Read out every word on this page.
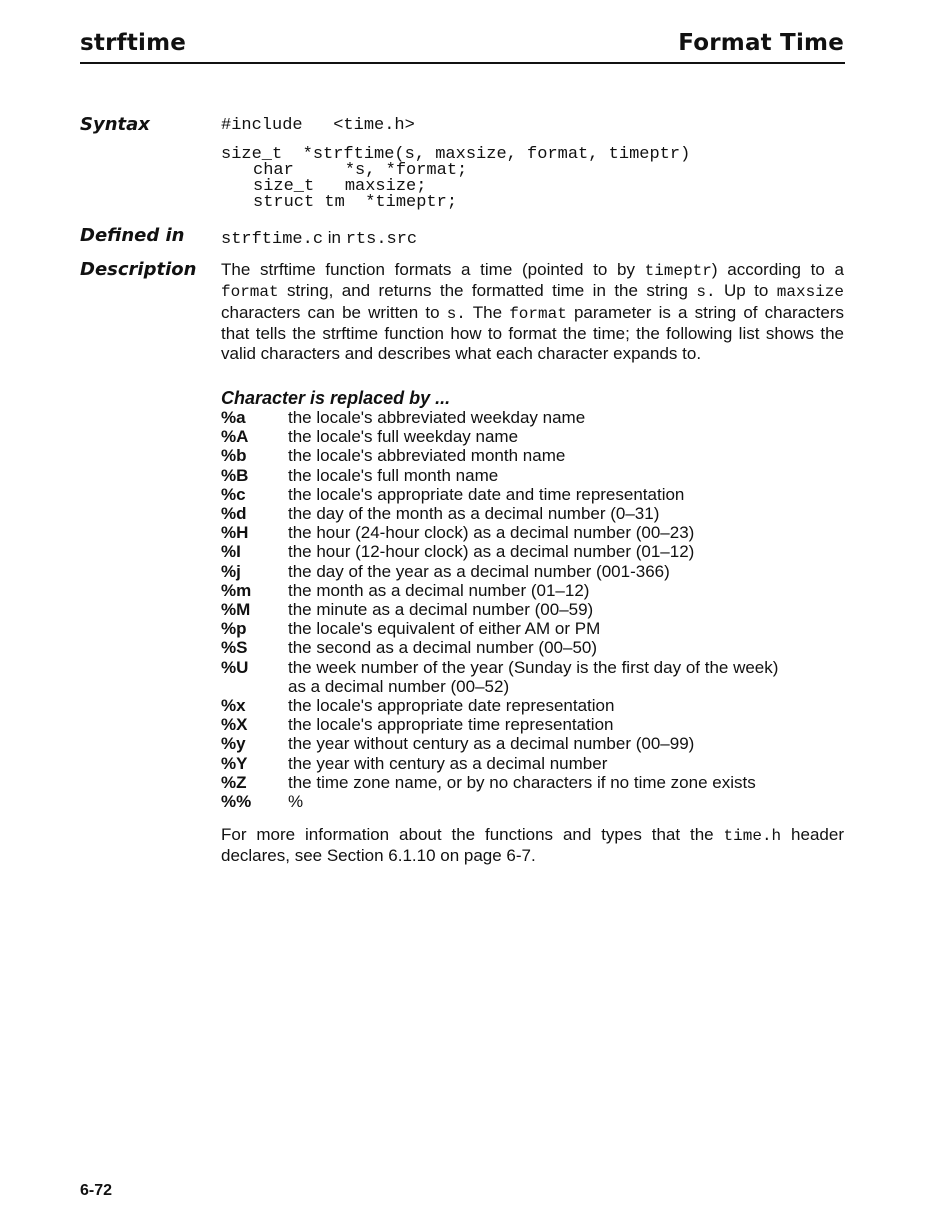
strftime	Format Time
Syntax	#include   <time.h>
size_t  *strftime(s, maxsize, format, timeptr)
char     *s, *format;
size_t   maxsize;
struct tm  *timeptr;
Defined in strftime.c in rts.src
Description The strftime function formats a time (pointed to by timeptr) according to a format string, and returns the formatted time in the string s. Up to maxsize characters can be written to s. The format parameter is a string of characters that tells the strftime function how to format the time; the following list shows the valid characters and describes what each character expands to.

Character is replaced by ...
%a	the locale's abbreviated weekday name
%A	the locale's full weekday name
%b	the locale's abbreviated month name
%B	the locale's full month name
%c	the locale's appropriate date and time representation
%d	the day of the month as a decimal number (0–31)
%H	the hour (24-hour clock) as a decimal number (00–23)
%I	the hour (12-hour clock) as a decimal number (01–12)
%j	the day of the year as a decimal number (001-366)
%m	the month as a decimal number (01–12)
%M	the minute as a decimal number (00–59)
%p	the locale's equivalent of either AM or PM
%S	the second as a decimal number (00–50)
%U	the week number of the year (Sunday is the first day of the week)
as a decimal number (00–52)
%x	the locale's appropriate date representation
%X	the locale's appropriate time representation
%y	the year without century as a decimal number (00–99)
%Y	the year with century as a decimal number
%Z	the time zone name, or by no characters if no time zone exists
%%	%

For more information about the functions and types that the time.h header declares, see Section 6.1.10 on page 6-7.

6-72
